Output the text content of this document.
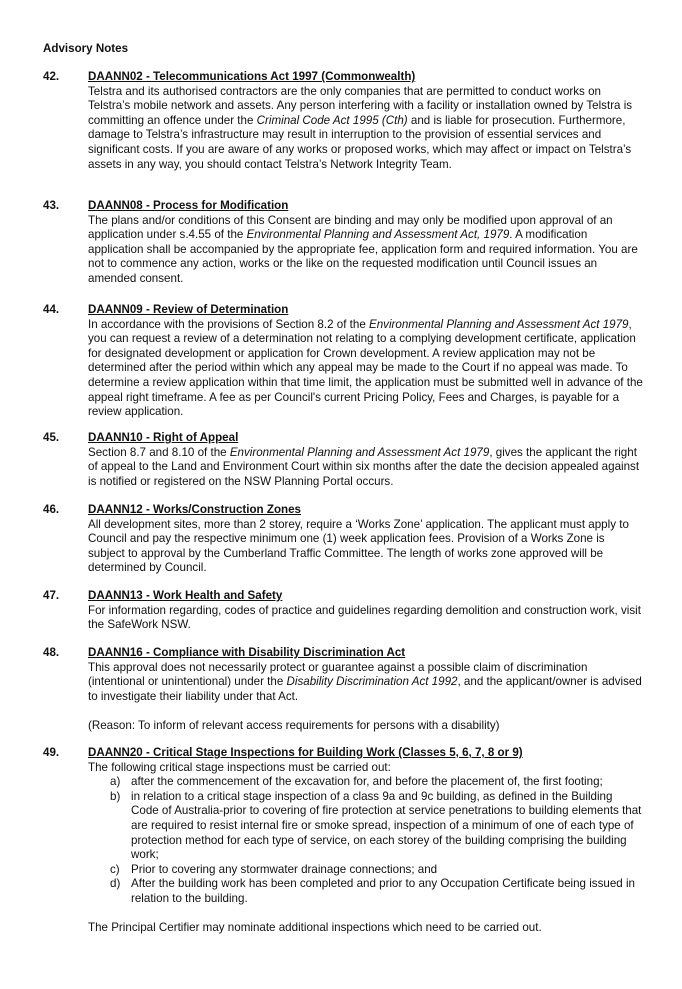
Advisory Notes
42. DAANN02 - Telecommunications Act 1997 (Commonwealth)
Telstra and its authorised contractors are the only companies that are permitted to conduct works on Telstra’s mobile network and assets. Any person interfering with a facility or installation owned by Telstra is committing an offence under the Criminal Code Act 1995 (Cth) and is liable for prosecution. Furthermore, damage to Telstra’s infrastructure may result in interruption to the provision of essential services and significant costs. If you are aware of any works or proposed works, which may affect or impact on Telstra’s assets in any way, you should contact Telstra’s Network Integrity Team.
43. DAANN08 - Process for Modification
The plans and/or conditions of this Consent are binding and may only be modified upon approval of an application under s.4.55 of the Environmental Planning and Assessment Act, 1979. A modification application shall be accompanied by the appropriate fee, application form and required information. You are not to commence any action, works or the like on the requested modification until Council issues an amended consent.
44. DAANN09 - Review of Determination
In accordance with the provisions of Section 8.2 of the Environmental Planning and Assessment Act 1979, you can request a review of a determination not relating to a complying development certificate, application for designated development or application for Crown development. A review application may not be determined after the period within which any appeal may be made to the Court if no appeal was made. To determine a review application within that time limit, the application must be submitted well in advance of the appeal right timeframe. A fee as per Council's current Pricing Policy, Fees and Charges, is payable for a review application.
45. DAANN10 - Right of Appeal
Section 8.7 and 8.10 of the Environmental Planning and Assessment Act 1979, gives the applicant the right of appeal to the Land and Environment Court within six months after the date the decision appealed against is notified or registered on the NSW Planning Portal occurs.
46. DAANN12 - Works/Construction Zones
All development sites, more than 2 storey, require a ‘Works Zone’ application. The applicant must apply to Council and pay the respective minimum one (1) week application fees. Provision of a Works Zone is subject to approval by the Cumberland Traffic Committee. The length of works zone approved will be determined by Council.
47. DAANN13 - Work Health and Safety
For information regarding, codes of practice and guidelines regarding demolition and construction work, visit the SafeWork NSW.
48. DAANN16 - Compliance with Disability Discrimination Act
This approval does not necessarily protect or guarantee against a possible claim of discrimination (intentional or unintentional) under the Disability Discrimination Act 1992, and the applicant/owner is advised to investigate their liability under that Act.
(Reason: To inform of relevant access requirements for persons with a disability)
49. DAANN20 - Critical Stage Inspections for Building Work (Classes 5, 6, 7, 8 or 9)
The following critical stage inspections must be carried out:
a) after the commencement of the excavation for, and before the placement of, the first footing;
b) in relation to a critical stage inspection of a class 9a and 9c building, as defined in the Building Code of Australia-prior to covering of fire protection at service penetrations to building elements that are required to resist internal fire or smoke spread, inspection of a minimum of one of each type of protection method for each type of service, on each storey of the building comprising the building work;
c) Prior to covering any stormwater drainage connections; and
d) After the building work has been completed and prior to any Occupation Certificate being issued in relation to the building.
The Principal Certifier may nominate additional inspections which need to be carried out.
